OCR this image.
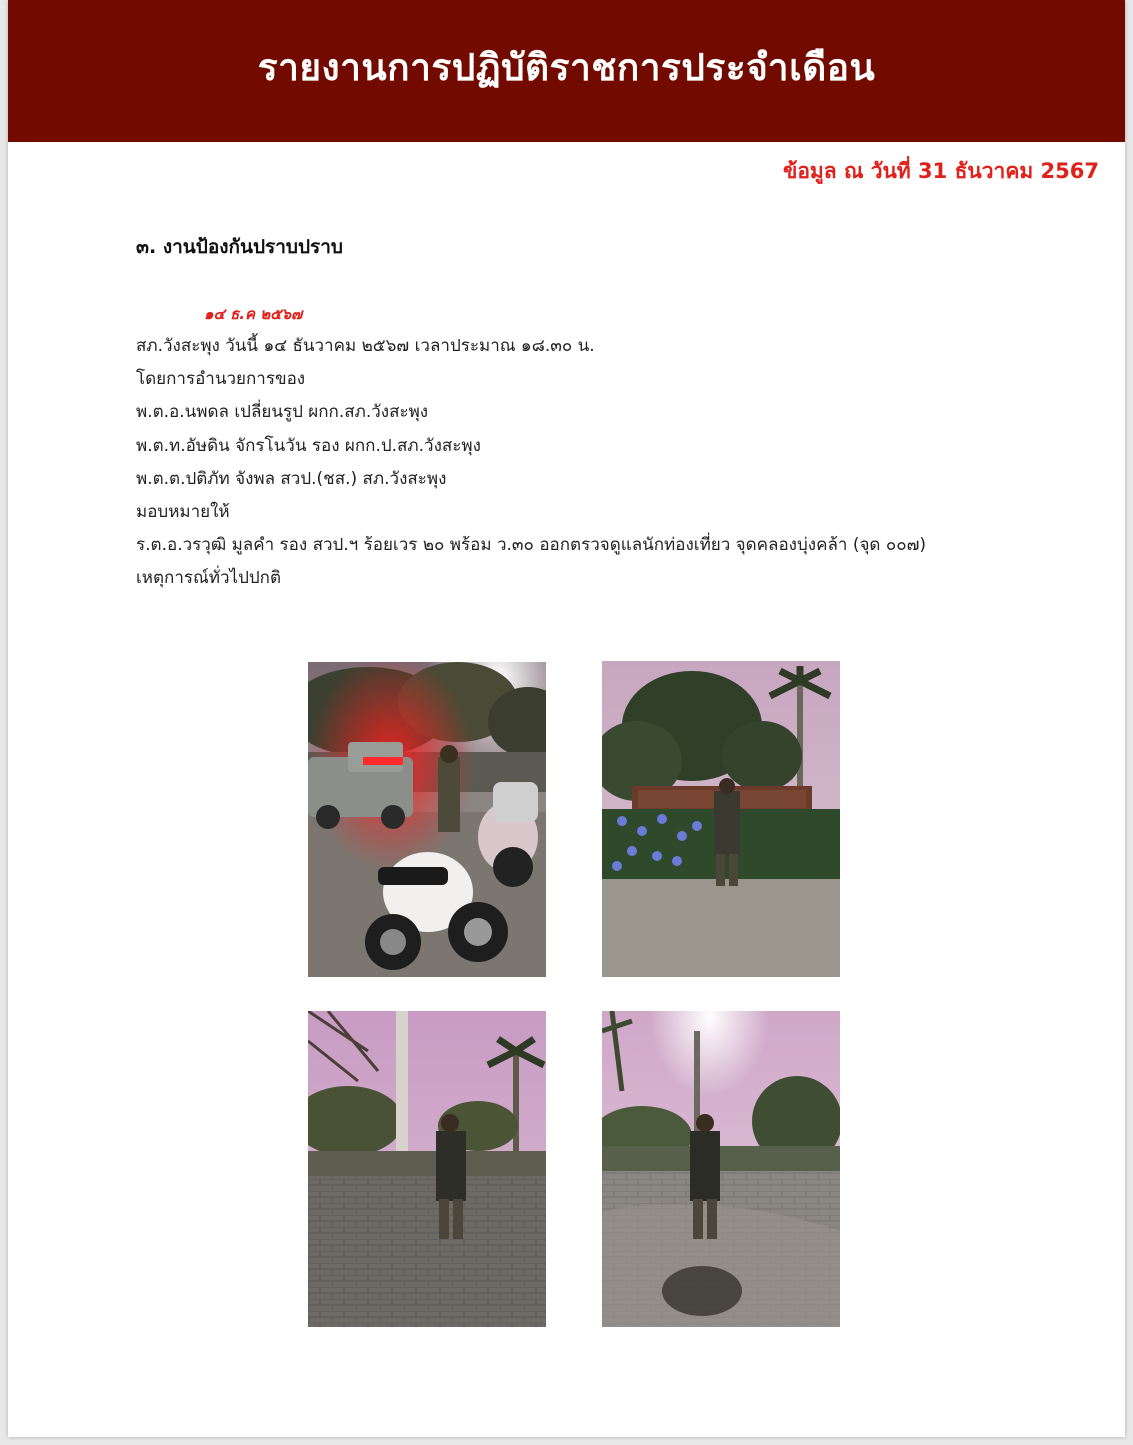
รายงานการปฏิบัติราชการประจำเดือน
ข้อมูล ณ วันที่ 31 ธันวาคม 2567
๓. งานป้องกันปราบปราบ
๑๔ ธ.ค ๒๕๖๗
สภ.วังสะพุง วันนี้ ๑๔ ธันวาคม ๒๕๖๗ เวลาประมาณ ๑๘.๓๐ น.
โดยการอำนวยการของ
พ.ต.อ.นพดล เปลี่ยนรูป ผกก.สภ.วังสะพุง
พ.ต.ท.อัษดิน จักรโนวัน รอง ผกก.ป.สภ.วังสะพุง
พ.ต.ต.ปติภัท จังพล สวป.(ชส.) สภ.วังสะพุง
มอบหมายให้
ร.ต.อ.วรวุฒิ มูลคำ รอง สวป.ฯ ร้อยเวร ๒๐ พร้อม ว.๓๐ ออกตรวจดูแลนักท่องเที่ยว จุดคลองบุ่งคล้า (จุด ๐๐๗)
เหตุการณ์ทั่วไปปกติ
